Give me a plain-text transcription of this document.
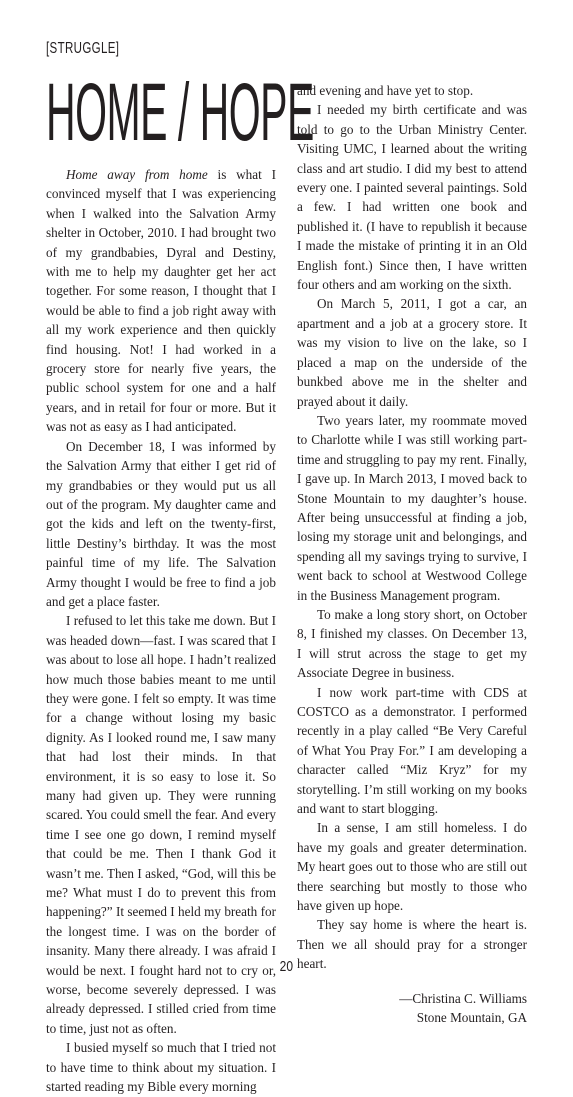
[STRUGGLE]
HOME / HOPE

Home away from home is what I convinced myself that I was experiencing when I walked into the Salvation Army shelter in October, 2010. I had brought two of my grandbabies, Dyral and Destiny, with me to help my daughter get her act together. For some reason, I thought that I would be able to find a job right away with all my work experience and then quickly find housing. Not! I had worked in a grocery store for nearly five years, the public school system for one and a half years, and in retail for four or more. But it was not as easy as I had anticipated.

On December 18, I was informed by the Salvation Army that either I get rid of my grandbabies or they would put us all out of the program. My daughter came and got the kids and left on the twenty-first, little Destiny’s birthday. It was the most painful time of my life. The Salvation Army thought I would be free to find a job and get a place faster.

I refused to let this take me down. But I was headed down—fast. I was scared that I was about to lose all hope. I hadn’t realized how much those babies meant to me until they were gone. I felt so empty. It was time for a change without losing my basic dignity. As I looked round me, I saw many that had lost their minds. In that environment, it is so easy to lose it. So many had given up. They were running scared. You could smell the fear. And every time I see one go down, I remind myself that could be me. Then I thank God it wasn’t me. Then I asked, “God, will this be me? What must I do to prevent this from happening?” It seemed I held my breath for the longest time. I was on the border of insanity. Many there already. I was afraid I would be next. I fought hard not to cry or, worse, become severely depressed. I was already depressed. I stilled cried from time to time, just not as often.

I busied myself so much that I tried not to have time to think about my situation. I started reading my Bible every morning

and evening and have yet to stop.

I needed my birth certificate and was told to go to the Urban Ministry Center. Visiting UMC, I learned about the writing class and art studio. I did my best to attend every one. I painted several paintings. Sold a few. I had written one book and published it. (I have to republish it because I made the mistake of printing it in an Old English font.) Since then, I have written four others and am working on the sixth.

On March 5, 2011, I got a car, an apartment and a job at a grocery store. It was my vision to live on the lake, so I placed a map on the underside of the bunkbed above me in the shelter and prayed about it daily.

Two years later, my roommate moved to Charlotte while I was still working part-time and struggling to pay my rent. Finally, I gave up. In March 2013, I moved back to Stone Mountain to my daughter’s house. After being unsuccessful at finding a job, losing my storage unit and belongings, and spending all my savings trying to survive, I went back to school at Westwood College in the Business Management program.

To make a long story short, on October 8, I finished my classes. On December 13, I will strut across the stage to get my Associate Degree in business.

I now work part-time with CDS at COSTCO as a demonstrator. I performed recently in a play called “Be Very Careful of What You Pray For.” I am developing a character called “Miz Kryz” for my storytelling. I’m still working on my books and want to start blogging.

In a sense, I am still homeless. I do have my goals and greater determination. My heart goes out to those who are still out there searching but mostly to those who have given up hope.

They say home is where the heart is. Then we all should pray for a stronger heart.

—Christina C. Williams
Stone Mountain, GA
20
